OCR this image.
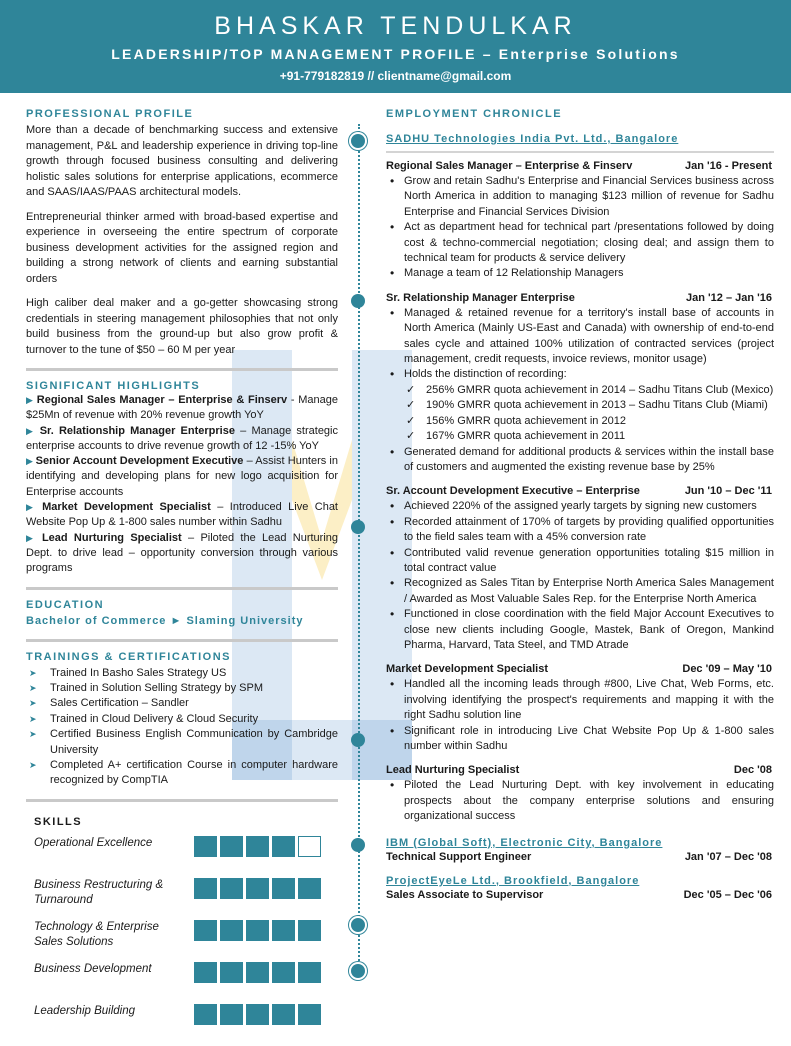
BHASKAR TENDULKAR
LEADERSHIP/TOP MANAGEMENT PROFILE – Enterprise Solutions
+91-779182819 // clientname@gmail.com
PROFESSIONAL PROFILE
More than a decade of benchmarking success and extensive management, P&L and leadership experience in driving top-line growth through focused business consulting and delivering holistic sales solutions for enterprise applications, ecommerce and SAAS/IAAS/PAAS architectural models.
Entrepreneurial thinker armed with broad-based expertise and experience in overseeing the entire spectrum of corporate business development activities for the assigned region and building a strong network of clients and earning substantial orders
High caliber deal maker and a go-getter showcasing strong credentials in steering management philosophies that not only build business from the ground-up but also grow profit & turnover to the tune of $50 – 60 M per year
SIGNIFICANT HIGHLIGHTS
▶ Regional Sales Manager – Enterprise & Finserv - Manage $25Mn of revenue with 20% revenue growth YoY
▶ Sr. Relationship Manager Enterprise – Manage strategic enterprise accounts to drive revenue growth of 12 -15% YoY
▶ Senior Account Development Executive – Assist Hunters in identifying and developing plans for new logo acquisition for Enterprise accounts
▶ Market Development Specialist – Introduced Live Chat Website Pop Up & 1-800 sales number within Sadhu
▶ Lead Nurturing Specialist – Piloted the Lead Nurturing Dept. to drive lead – opportunity conversion through various programs
EDUCATION
Bachelor of Commerce ► Slaming University
TRAININGS & CERTIFICATIONS
➤ Trained In Basho Sales Strategy US
➤ Trained in Solution Selling Strategy by SPM
➤ Sales Certification – Sandler
➤ Trained in Cloud Delivery & Cloud Security
➤ Certified Business English Communication by Cambridge University
➤ Completed A+ certification Course in computer hardware recognized by CompTIA
SKILLS
Operational Excellence
Business Restructuring & Turnaround
Technology & Enterprise Sales Solutions
Business Development
Leadership Building
EMPLOYMENT CHRONICLE
SADHU Technologies India Pvt. Ltd., Bangalore
Regional Sales Manager – Enterprise & Finserv	Jan '16 - Present
• Grow and retain Sadhu's Enterprise and Financial Services business across North America in addition to managing $123 million of revenue for Sadhu Enterprise and Financial Services Division
• Act as department head for technical part /presentations followed by doing cost & techno-commercial negotiation; closing deal; and assign them to technical team for products & service delivery
• Manage a team of 12 Relationship Managers
Sr. Relationship Manager Enterprise	Jan '12 – Jan '16
• Managed & retained revenue for a territory's install base of accounts in North America (Mainly US-East and Canada) with ownership of end-to-end sales cycle and attained 100% utilization of contracted services (project management, credit requests, invoice reviews, monitor usage)
• Holds the distinction of recording:
✓ 256% GMRR quota achievement in 2014 – Sadhu Titans Club (Mexico)
✓ 190% GMRR quota achievement in 2013 – Sadhu Titans Club (Miami)
✓ 156% GMRR quota achievement in 2012
✓ 167% GMRR quota achievement in 2011
• Generated demand for additional products & services within the install base of customers and augmented the existing revenue base by 25%
Sr. Account Development Executive – Enterprise	Jun '10 – Dec '11
• Achieved 220% of the assigned yearly targets by signing new customers
• Recorded attainment of 170% of targets by providing qualified opportunities to the field sales team with a 45% conversion rate
• Contributed valid revenue generation opportunities totaling $15 million in total contract value
• Recognized as Sales Titan by Enterprise North America Sales Management / Awarded as Most Valuable Sales Rep. for the Enterprise North America
• Functioned in close coordination with the field Major Account Executives to close new clients including Google, Mastek, Bank of Oregon, Mankind Pharma, Harvard, Tata Steel, and TMD Atrade
Market Development Specialist	Dec '09 – May '10
• Handled all the incoming leads through #800, Live Chat, Web Forms, etc. involving identifying the prospect's requirements and mapping it with the right Sadhu solution line
• Significant role in introducing Live Chat Website Pop Up & 1-800 sales number within Sadhu
Lead Nurturing Specialist	Dec '08
• Piloted the Lead Nurturing Dept. with key involvement in educating prospects about the company enterprise solutions and ensuring organizational success
IBM (Global Soft), Electronic City, Bangalore
Technical Support Engineer	Jan '07 – Dec '08
ProjectEyeLe Ltd., Brookfield, Bangalore
Sales Associate to Supervisor	Dec '05 – Dec '06
